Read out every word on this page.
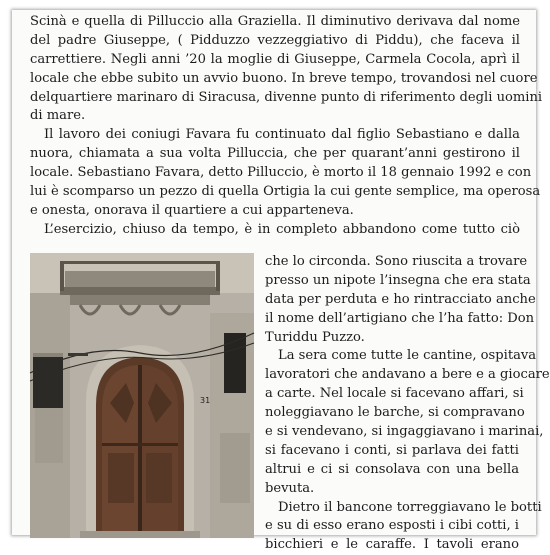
Scinà e quella di Pilluccio alla Graziella. Il diminutivo derivava dal nome
del padre Giuseppe, ( Pidduzzo vezzeggiativo di Piddu), che faceva il
carrettiere. Negli anni ’20 la moglie di Giuseppe, Carmela Cocola, aprì il
locale che ebbe subito un avvio buono. In breve tempo, trovandosi nel cuore
delquartiere marinaro di Siracusa, divenne punto di riferimento degli uomini
di mare.
Il lavoro dei coniugi Favara fu continuato dal figlio Sebastiano e dalla
nuora, chiamata a sua volta Pilluccia, che per quarant’anni gestirono il
locale. Sebastiano Favara, detto Pilluccio, è morto il 18 gennaio 1992 e con
lui è scomparso un pezzo di quella Ortigia la cui gente semplice, ma operosa
e onesta, onorava il quartiere a cui apparteneva.
L’esercizio, chiuso da tempo, è in completo abbandono come tutto ciò
31
che lo circonda. Sono riuscita a trovare
presso un nipote l’insegna che era stata
data per perduta e ho rintracciato anche
il nome dell’artigiano che l’ha fatto: Don
Turiddu Puzzo.
La sera come tutte le cantine, ospitava
lavoratori che andavano a bere e a giocare
a carte. Nel locale si facevano affari, si
noleggiavano le barche, si compravano
e si vendevano, si ingaggiavano i marinai,
si facevano i conti, si parlava dei fatti
altrui e ci si consolava con una bella
bevuta.
Dietro il bancone torreggiavano le botti
e su di esso erano esposti i cibi cotti, i
bicchieri e le caraffe. I tavoli erano
